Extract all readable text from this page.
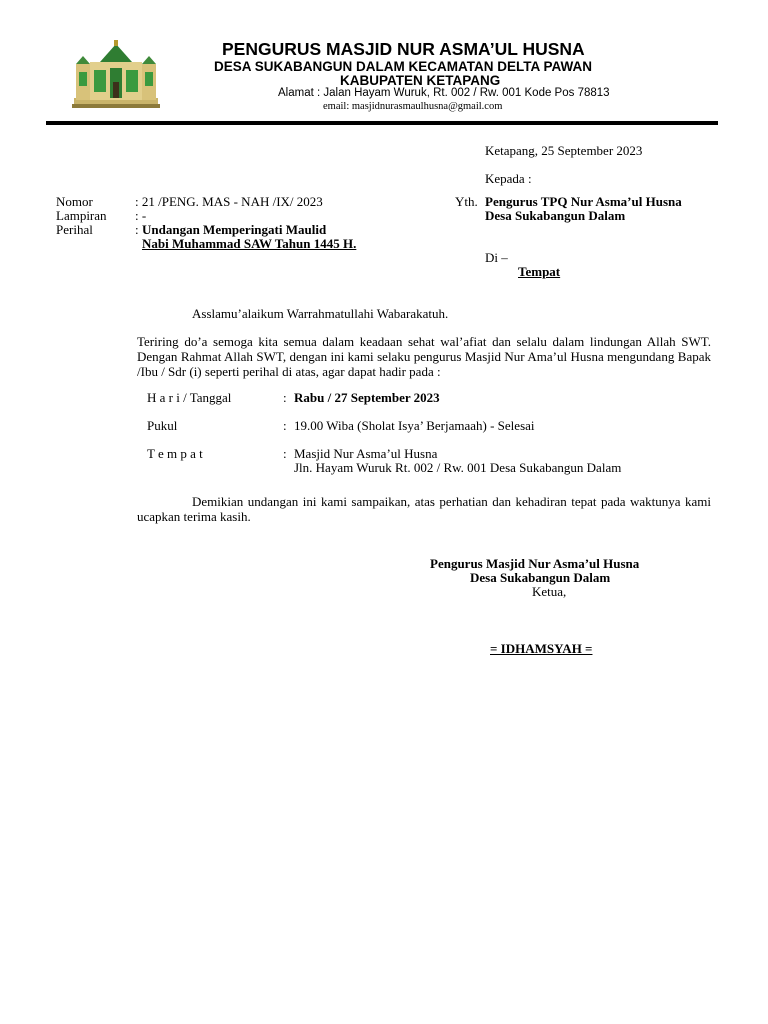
PENGURUS MASJID NUR ASMA’UL HUSNA
DESA SUKABANGUN DALAM KECAMATAN DELTA PAWAN
KABUPATEN KETAPANG
Alamat : Jalan Hayam Wuruk, Rt. 002 / Rw. 001 Kode Pos 78813
email: masjidnurasmaulhusna@gmail.com
Ketapang, 25 September 2023
Kepada :
Nomor	: 21 /PENG. MAS - NAH /IX/ 2023
Lampiran : -
Perihal	: Undangan Memperingati Maulid
Nabi Muhammad SAW Tahun 1445 H.
Yth. Pengurus TPQ Nur Asma’ul Husna
Desa Sukabangun Dalam
Di –
Tempat
Asslamu’alaikum Warrahmatullahi Wabarakatuh.
Teriring do’a semoga kita semua dalam keadaan sehat wal’afiat dan selalu dalam lindungan Allah SWT. Dengan Rahmat Allah SWT, dengan ini kami selaku pengurus Masjid Nur Ama’ul Husna mengundang Bapak /Ibu / Sdr (i) seperti perihal di atas, agar dapat hadir pada :
H a r i / Tanggal	: Rabu / 27 September 2023
Pukul	: 19.00 Wiba (Sholat Isya’ Berjamaah) - Selesai
T e m p a t	: Masjid Nur Asma’ul Husna
Jln. Hayam Wuruk Rt. 002 / Rw. 001 Desa Sukabangun Dalam
Demikian undangan ini kami sampaikan, atas perhatian dan kehadiran tepat pada waktunya kami ucapkan terima kasih.
Pengurus Masjid Nur Asma’ul Husna
Desa Sukabangun Dalam
Ketua,
= IDHAMSYAH =
